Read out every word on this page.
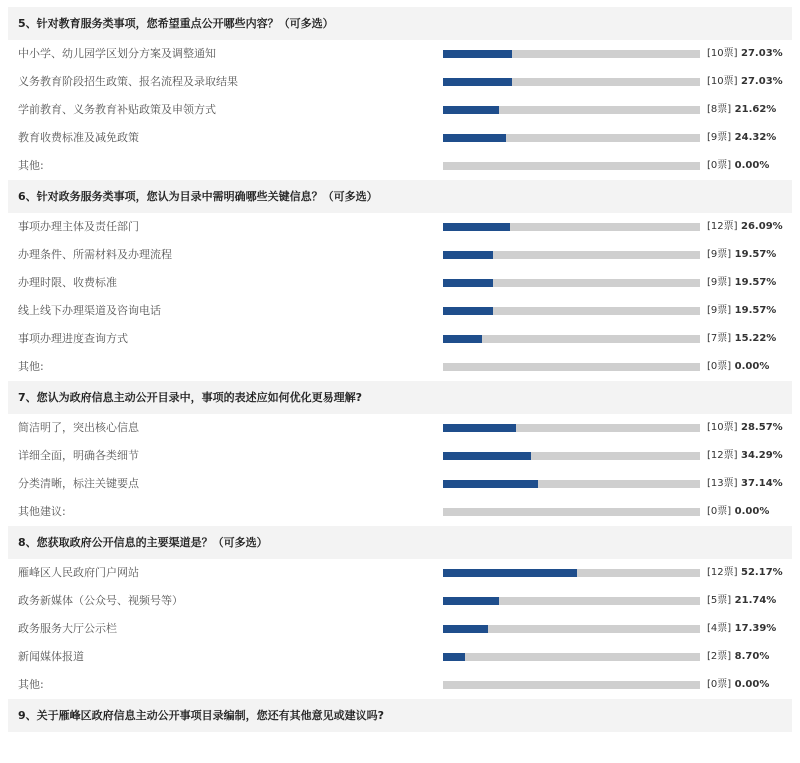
5、针对教育服务类事项，您希望重点公开哪些内容？（可多选）
中小学、幼儿园学区划分方案及调整通知	[10票] 27.03%
义务教育阶段招生政策、报名流程及录取结果	[10票] 27.03%
学前教育、义务教育补贴政策及申领方式	[8票] 21.62%
教育收费标准及减免政策	[9票] 24.32%
其他:	[0票] 0.00%
6、针对政务服务类事项，您认为目录中需明确哪些关键信息？（可多选）
事项办理主体及责任部门	[12票] 26.09%
办理条件、所需材料及办理流程	[9票] 19.57%
办理时限、收费标准	[9票] 19.57%
线上线下办理渠道及咨询电话	[9票] 19.57%
事项办理进度查询方式	[7票] 15.22%
其他:	[0票] 0.00%
7、您认为政府信息主动公开目录中，事项的表述应如何优化更易理解?
简洁明了，突出核心信息	[10票] 28.57%
详细全面，明确各类细节	[12票] 34.29%
分类清晰，标注关键要点	[13票] 37.14%
其他建议:	[0票] 0.00%
8、您获取政府公开信息的主要渠道是？（可多选）
雁峰区人民政府门户网站	[12票] 52.17%
政务新媒体（公众号、视频号等）	[5票] 21.74%
政务服务大厅公示栏	[4票] 17.39%
新闻媒体报道	[2票] 8.70%
其他:	[0票] 0.00%
9、关于雁峰区政府信息主动公开事项目录编制，您还有其他意见或建议吗?
